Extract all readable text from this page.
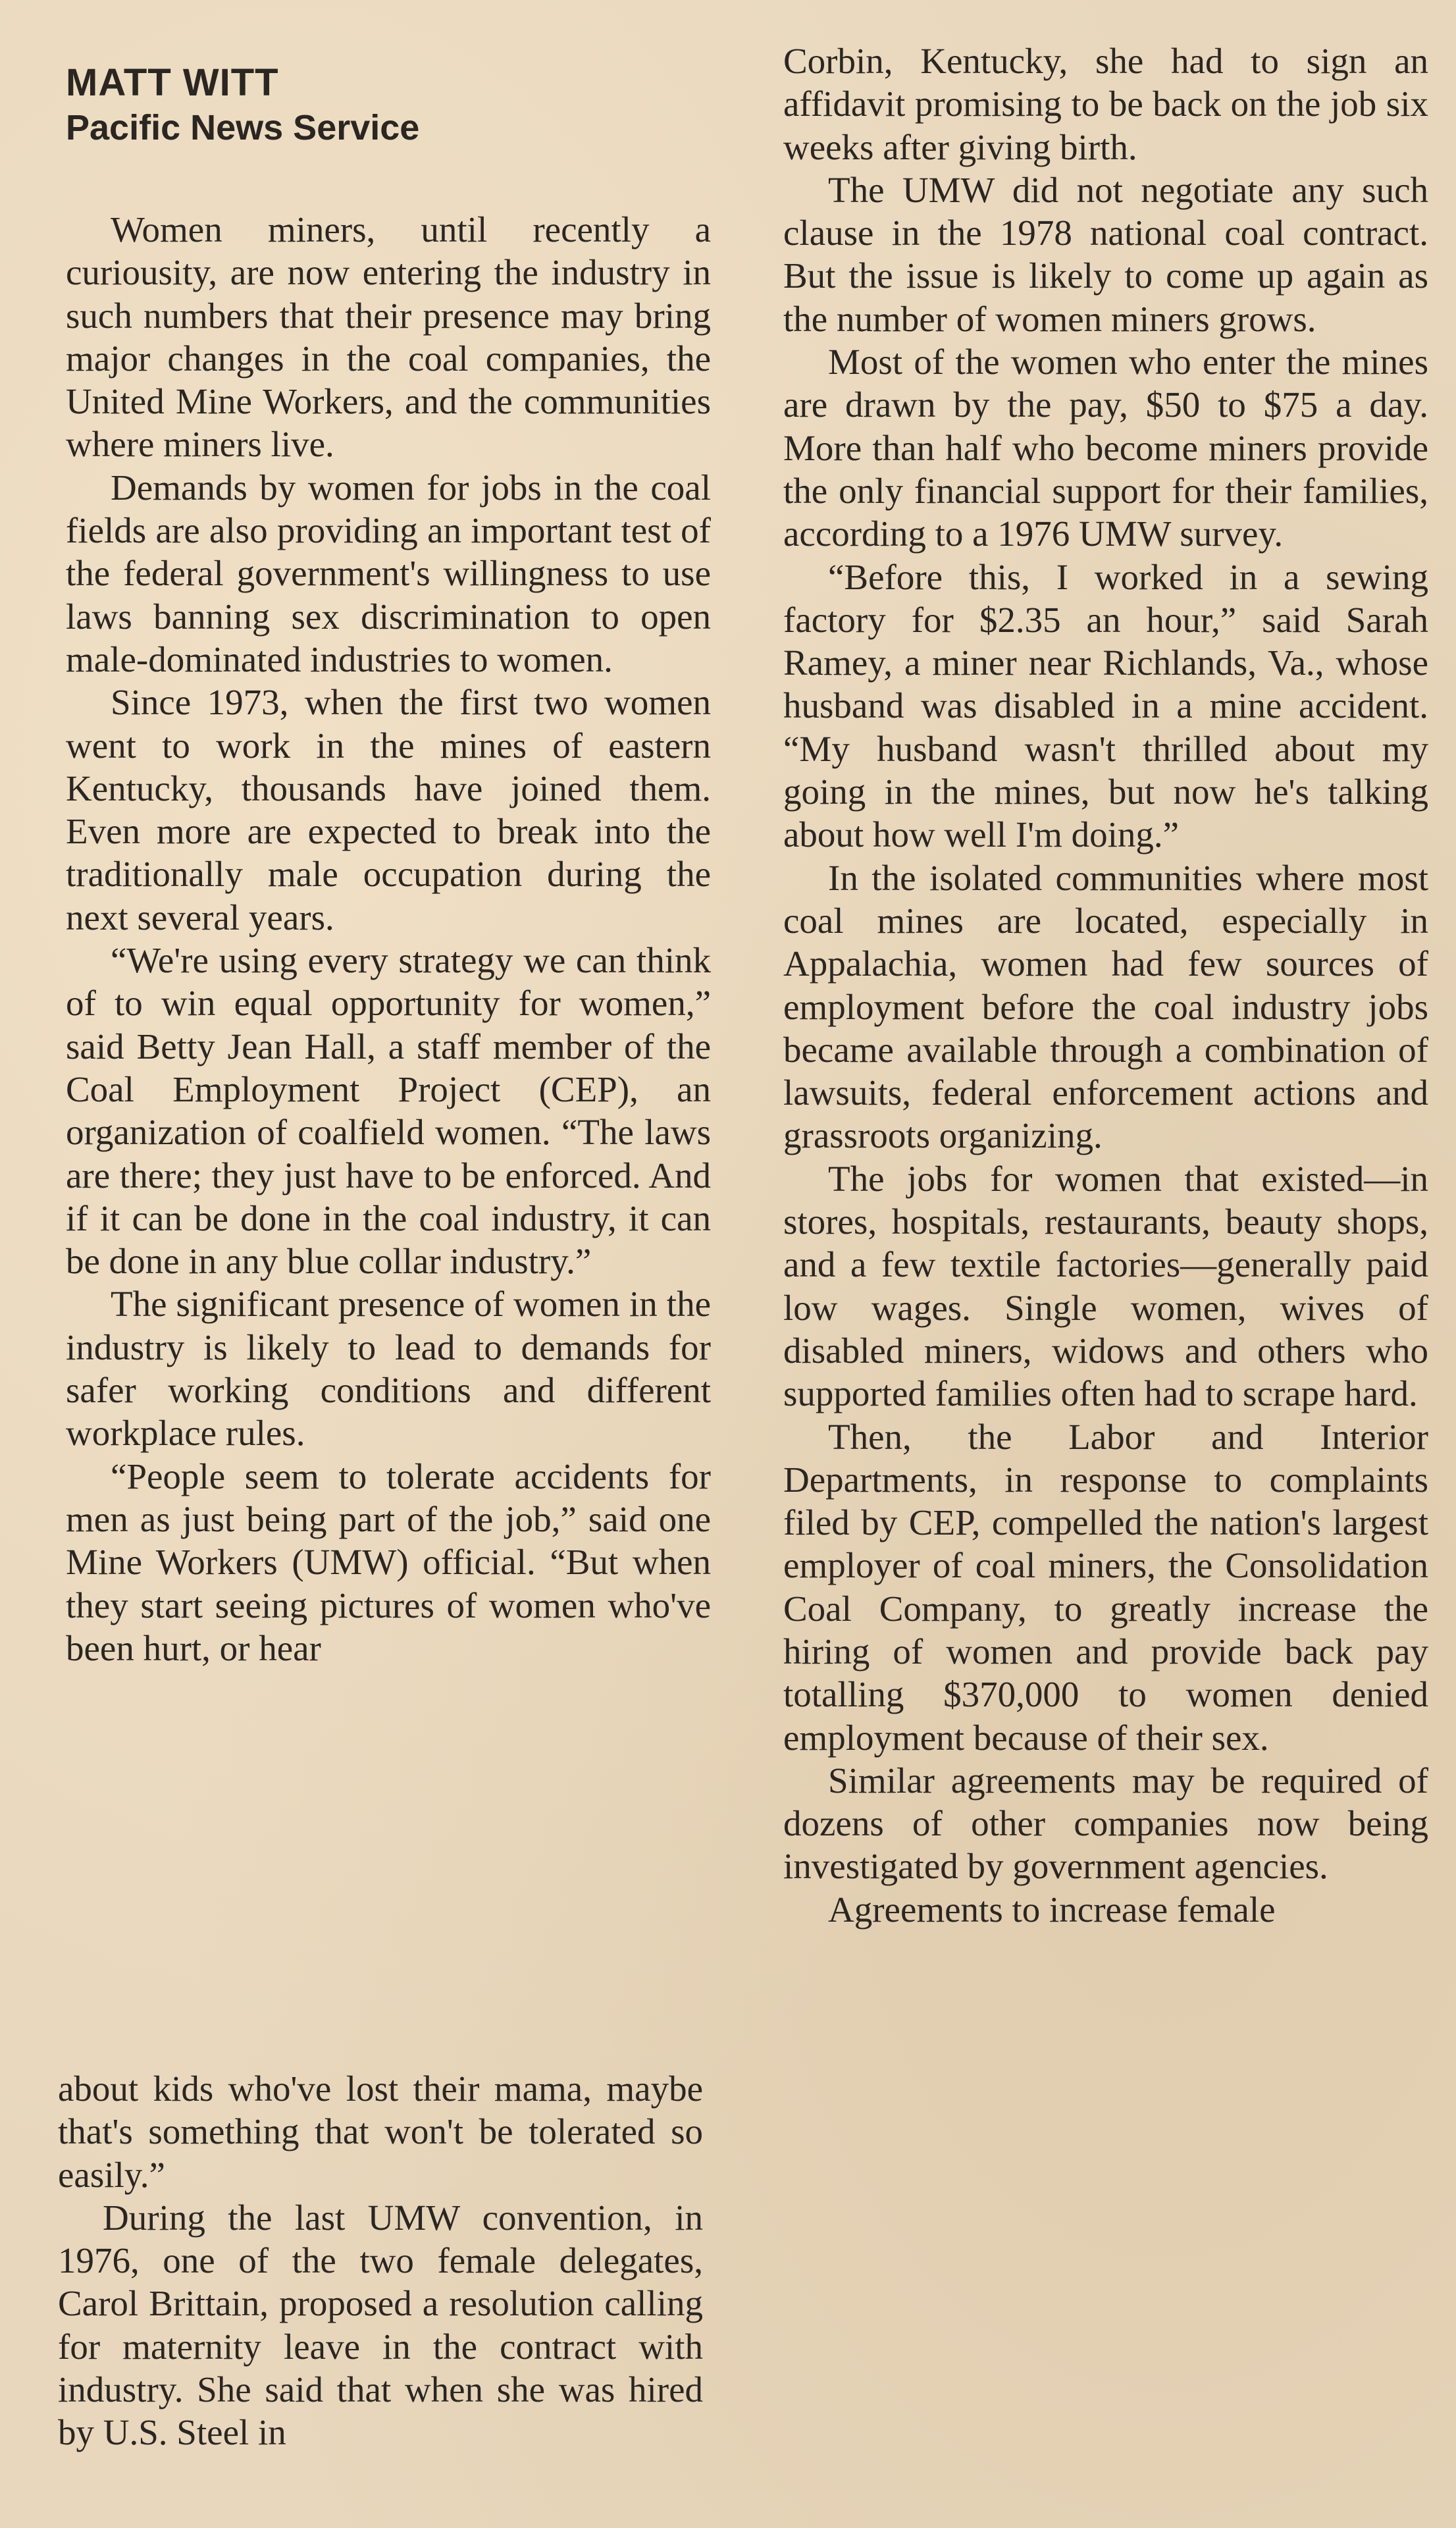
MATT WITT
Pacific News Service

Women miners, until recently a curiousity, are now entering the industry in such numbers that their presence may bring major changes in the coal companies, the United Mine Workers, and the communities where miners live.

Demands by women for jobs in the coal fields are also providing an important test of the federal government's willingness to use laws banning sex discrimination to open male-dominated industries to women.

Since 1973, when the first two women went to work in the mines of eastern Kentucky, thousands have joined them. Even more are expected to break into the traditionally male occupation during the next several years.

“We're using every strategy we can think of to win equal opportunity for women,” said Betty Jean Hall, a staff member of the Coal Employment Project (CEP), an organization of coalfield women. “The laws are there; they just have to be enforced. And if it can be done in the coal industry, it can be done in any blue collar industry.”

The significant presence of women in the industry is likely to lead to demands for safer working conditions and different workplace rules.

“People seem to tolerate accidents for men as just being part of the job,” said one Mine Workers (UMW) official. “But when they start seeing pictures of women who've been hurt, or hear

about kids who've lost their mama, maybe that's something that won't be tolerated so easily.”

During the last UMW convention, in 1976, one of the two female delegates, Carol Brittain, proposed a resolution calling for maternity leave in the contract with industry. She said that when she was hired by U.S. Steel in

Corbin, Kentucky, she had to sign an affidavit promising to be back on the job six weeks after giving birth.

The UMW did not negotiate any such clause in the 1978 national coal contract. But the issue is likely to come up again as the number of women miners grows.

Most of the women who enter the mines are drawn by the pay, $50 to $75 a day. More than half who become miners provide the only financial support for their families, according to a 1976 UMW survey.

“Before this, I worked in a sewing factory for $2.35 an hour,” said Sarah Ramey, a miner near Richlands, Va., whose husband was disabled in a mine accident. “My husband wasn't thrilled about my going in the mines, but now he's talking about how well I'm doing.”

In the isolated communities where most coal mines are located, especially in Appalachia, women had few sources of employment before the coal industry jobs became available through a combination of lawsuits, federal enforcement actions and grassroots organizing.

The jobs for women that existed—in stores, hospitals, restaurants, beauty shops, and a few textile factories—generally paid low wages. Single women, wives of disabled miners, widows and others who supported families often had to scrape hard.

Then, the Labor and Interior Departments, in response to complaints filed by CEP, compelled the nation's largest employer of coal miners, the Consolidation Coal Company, to greatly increase the hiring of women and provide back pay totalling $370,000 to women denied employment because of their sex.

Similar agreements may be required of dozens of other companies now being investigated by government agencies.

Agreements to increase female
